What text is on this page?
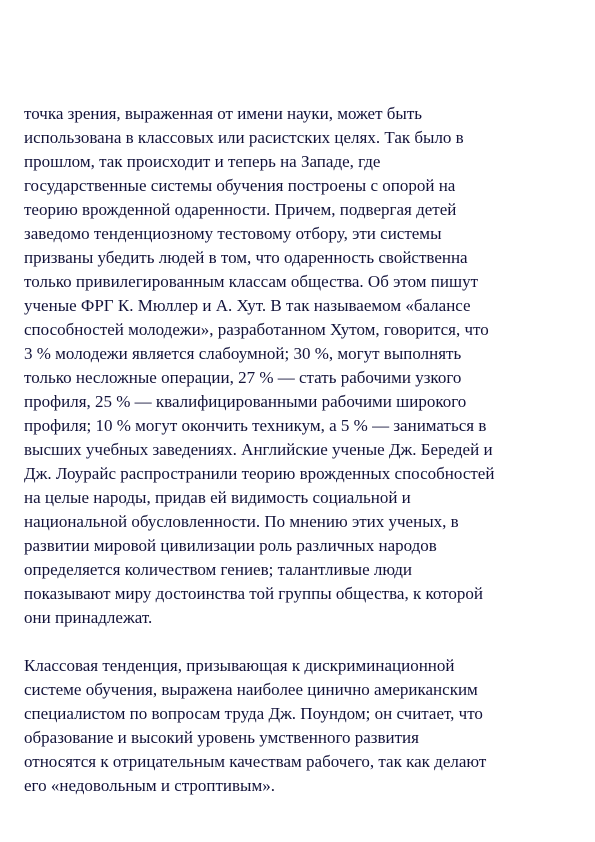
точка зрения, выраженная от имени науки, может быть
использована в классовых или расистских целях. Так было в
прошлом, так происходит и теперь на Западе, где
государственные системы обучения построены с опорой на
теорию врожденной одаренности. Причем, подвергая детей
заведомо тенденциозному тестовому отбору, эти системы
призваны убедить людей в том, что одаренность свойственна
только привилегированным классам общества. Об этом пишут
ученые ФРГ К. Мюллер и А. Хут. В так называемом «балансе
способностей молодежи», разработанном Хутом, говорится, что
3 % молодежи является слабоумной; 30 %, могут выполнять
только несложные операции, 27 % — стать рабочими узкого
профиля, 25 % — квалифицированными рабочими широкого
профиля; 10 % могут окончить техникум, а 5 % — заниматься в
высших учебных заведениях. Английские ученые Дж. Бередей и
Дж. Лоурайс распространили теорию врожденных способностей
на целые народы, придав ей видимость социальной и
национальной обусловленности. По мнению этих ученых, в
развитии мировой цивилизации роль различных народов
определяется количеством гениев; талантливые люди
показывают миру достоинства той группы общества, к которой
они принадлежат.
Классовая тенденция, призывающая к дискриминационной
системе обучения, выражена наиболее цинично американским
специалистом по вопросам труда Дж. Поундом; он считает, что
образование и высокий уровень умственного развития
относятся к отрицательным качествам рабочего, так как делают
его «недовольным и строптивым».
